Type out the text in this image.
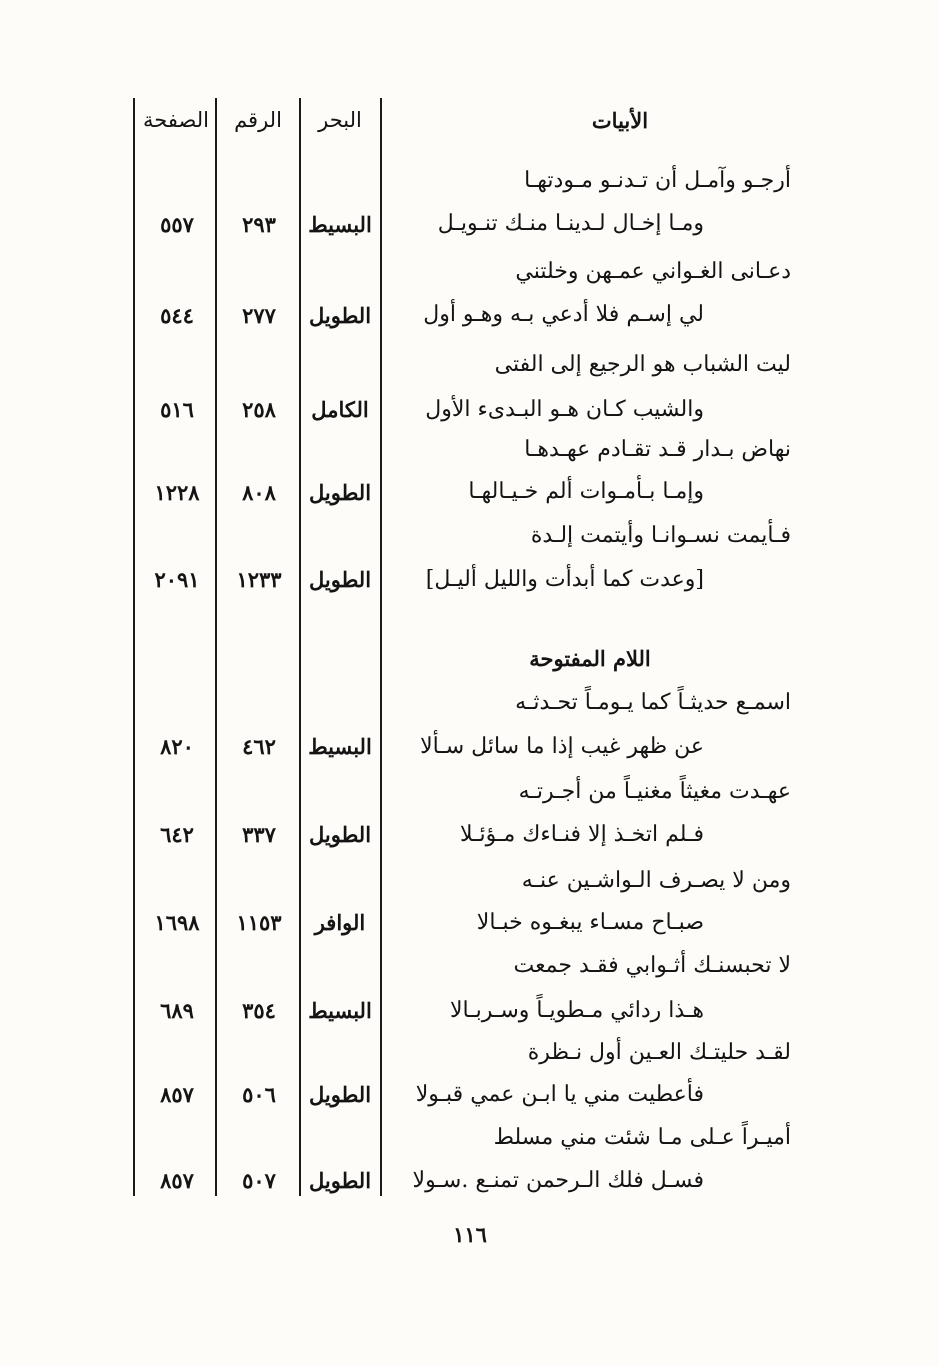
الأبيات
البحر
الرقم
الصفحة
أرجـو وآمـل أن تـدنـو مـودتهـا
ومـا إخـال لـدينـا منـك تنـويـل
البسيط
٢٩٣
٥٥٧
دعـانى الغـواني عمـهن وخلتني
لي إسـم فلا أدعي بـه وهـو أول
الطويل
٢٧٧
٥٤٤
ليت الشباب هو الرجيع إلى الفتى
والشيب كـان هـو البـدىء الأول
الكامل
٢٥٨
٥١٦
نهاض بـدار قـد تقـادم عهـدهـا
وإمـا بـأمـوات ألم خـيـالهـا
الطويل
٨٠٨
١٢٢٨
فـأيمت نسـوانـا وأيتمت إلـدة
[وعدت كما أبدأت والليل أليـل]
الطويل
١٢٣٣
٢٠٩١
اللام المفتوحة
اسمـع حديثـاً كما يـومـاً تحـدثـه
عن ظهر غيب إذا ما سائل سـألا
البسيط
٤٦٢
٨٢٠
عهـدت مغيثاً مغنيـاً من أجـرتـه
فـلم اتخـذ إلا فنـاءك مـؤئـلا
الطويل
٣٣٧
٦٤٢
ومن لا يصـرف الـواشـين عنـه
صبـاح مسـاء يبغـوه خبـالا
الوافر
١١٥٣
١٦٩٨
لا تحبسنـك أثـوابي فقـد جمعت
هـذا ردائي مـطويـاً وسـربـالا
البسيط
٣٥٤
٦٨٩
لقـد حليتـك العـين أول نـظرة
فأعطيت مني يا ابـن عمي قبـولا
الطويل
٥٠٦
٨٥٧
أميـراً عـلى مـا شئت مني مسلط
فسـل فلك الـرحمن تمنـع .سـولا
الطويل
٥٠٧
٨٥٧
١١٦
